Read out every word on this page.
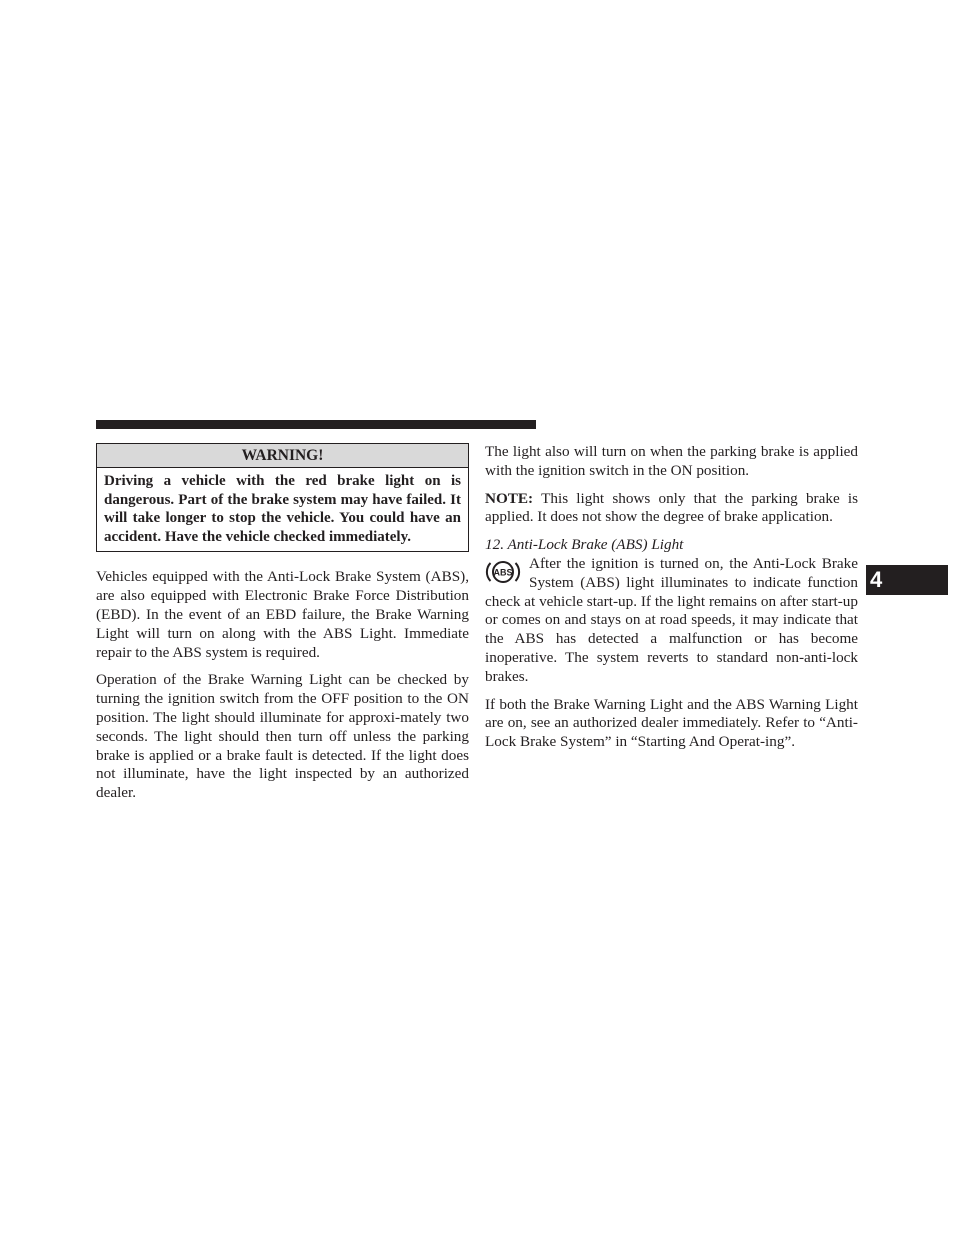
WARNING!
Driving a vehicle with the red brake light on is dangerous. Part of the brake system may have failed. It will take longer to stop the vehicle. You could have an accident. Have the vehicle checked immediately.

Vehicles equipped with the Anti-Lock Brake System (ABS), are also equipped with Electronic Brake Force Distribution (EBD). In the event of an EBD failure, the Brake Warning Light will turn on along with the ABS Light. Immediate repair to the ABS system is required.

Operation of the Brake Warning Light can be checked by turning the ignition switch from the OFF position to the ON position. The light should illuminate for approxi-mately two seconds. The light should then turn off unless the parking brake is applied or a brake fault is detected. If the light does not illuminate, have the light inspected by an authorized dealer.

The light also will turn on when the parking brake is applied with the ignition switch in the ON position.

NOTE: This light shows only that the parking brake is applied. It does not show the degree of brake application.

12. Anti-Lock Brake (ABS) Light
ABS

After the ignition is turned on, the Anti-Lock Brake System (ABS) light illuminates to indicate function check at vehicle start-up. If the light remains on after start-up or comes on and stays on at road speeds, it may indicate that the ABS has detected a malfunction or has become inoperative. The system reverts to standard non-anti-lock brakes.

If both the Brake Warning Light and the ABS Warning Light are on, see an authorized dealer immediately. Refer to “Anti-Lock Brake System” in “Starting And Operat-ing”.

4
